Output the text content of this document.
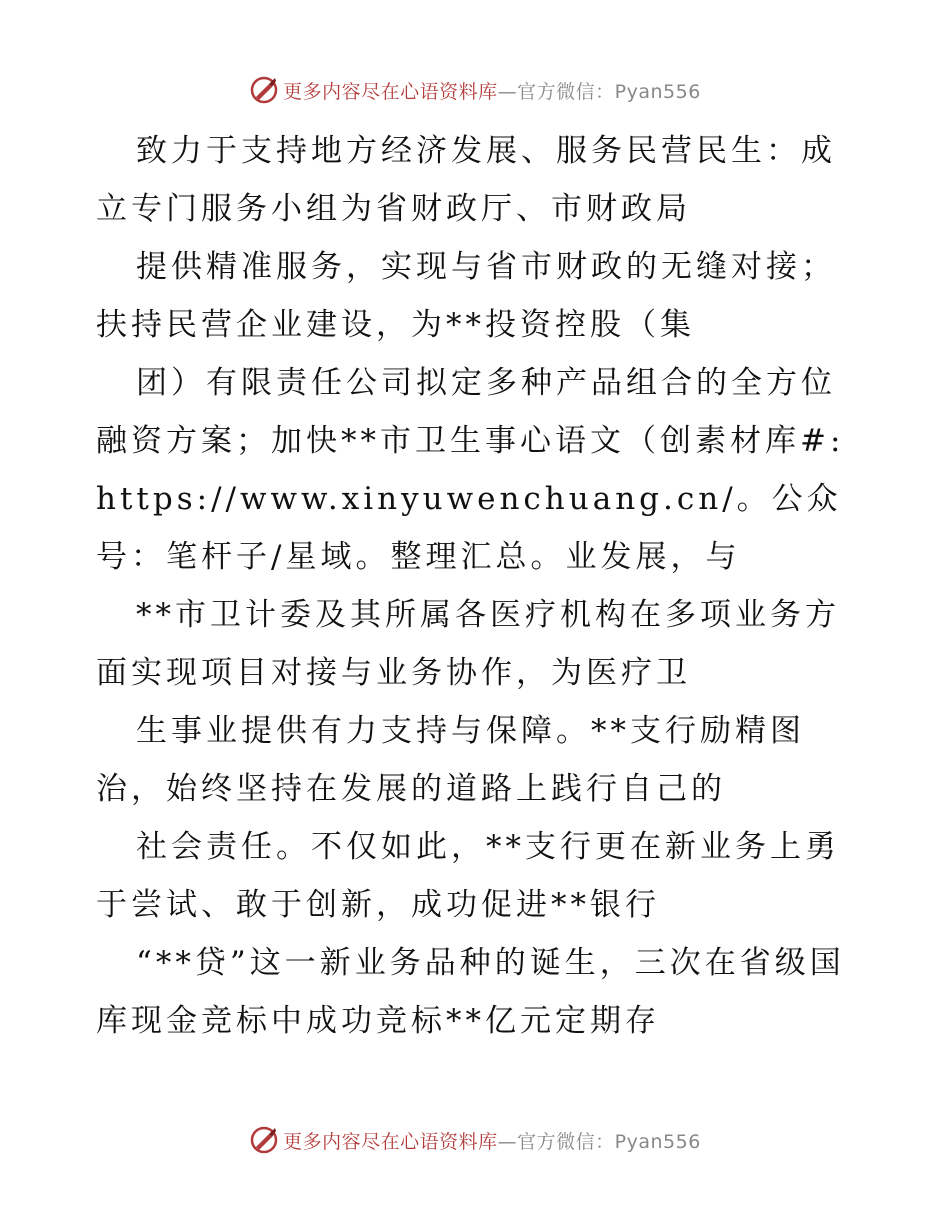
更多内容尽在心语资料库—官方微信：Pyan556

致力于支持地方经济发展、服务民营民生：成立专门服务小组为省财政厅、市财政局

提供精准服务，实现与省市财政的无缝对接；扶持民营企业建设，为**投资控股（集

团）有限责任公司拟定多种产品组合的全方位融资方案；加快**市卫生事心语文（创素材库#:https://www.xinyuwenchuang.cn/。公众号：笔杆子/星域。整理汇总。业发展，与

**市卫计委及其所属各医疗机构在多项业务方面实现项目对接与业务协作，为医疗卫

生事业提供有力支持与保障。**支行励精图治，始终坚持在发展的道路上践行自己的

社会责任。不仅如此，**支行更在新业务上勇于尝试、敢于创新，成功促进**银行

“**贷”这一新业务品种的诞生，三次在省级国库现金竞标中成功竞标**亿元定期存

更多内容尽在心语资料库—官方微信：Pyan556
